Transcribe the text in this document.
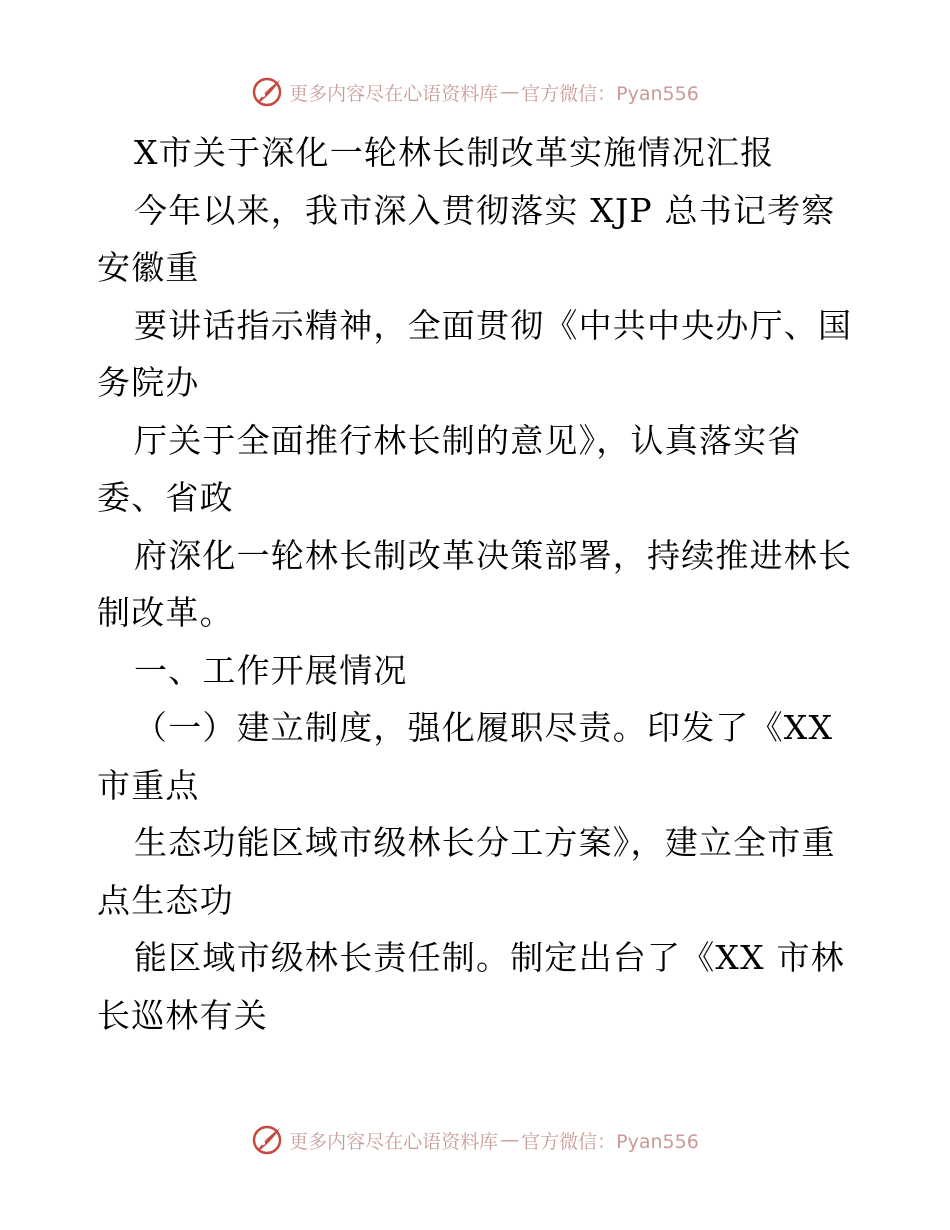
更多内容尽在心语资料库 — 官方微信：Pyan556
X市关于深化一轮林长制改革实施情况汇报
今年以来，我市深入贯彻落实 XJP 总书记考察
安徽重
要讲话指示精神，全面贯彻《中共中央办厅、国
务院办
厅关于全面推行林长制的意见》，认真落实省
委、省政
府深化一轮林长制改革决策部署，持续推进林长
制改革。
一、工作开展情况
（一）建立制度，强化履职尽责。印发了《XX
市重点
生态功能区域市级林长分工方案》，建立全市重
点生态功
能区域市级林长责任制。制定出台了《XX 市林
长巡林有关
更多内容尽在心语资料库 — 官方微信：Pyan556
